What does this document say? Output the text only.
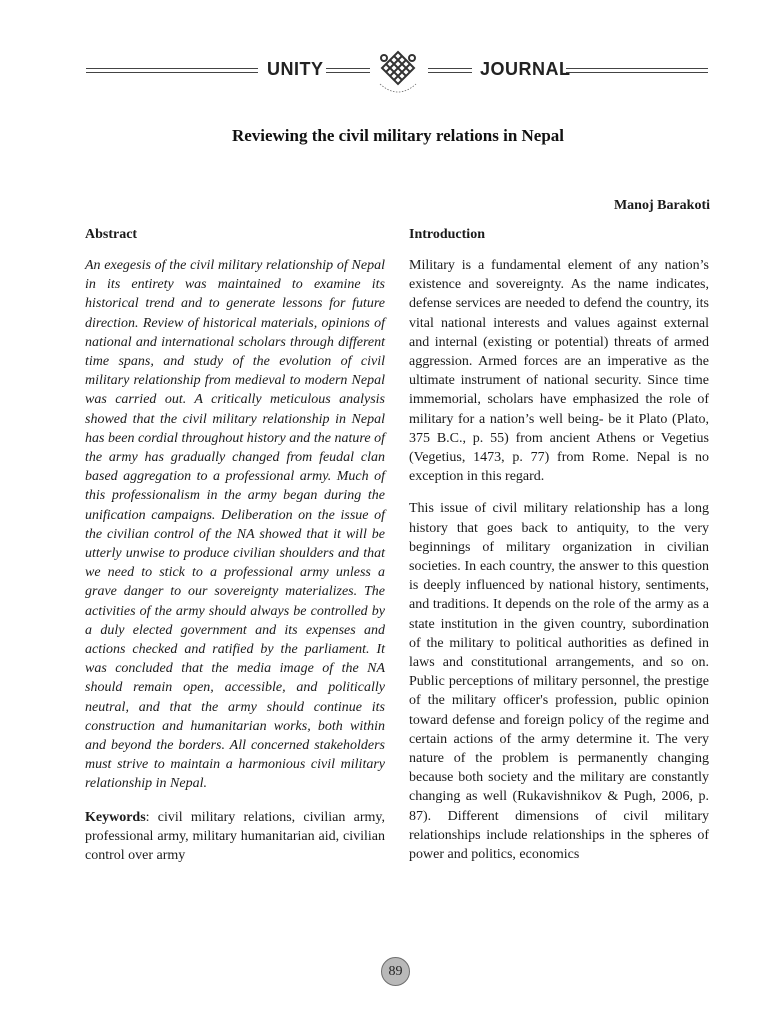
UNITY	JOURNAL
Reviewing the civil military relations in Nepal
Manoj Barakoti
Abstract

An exegesis of the civil military relationship of Nepal in its entirety was maintained to examine its historical trend and to generate lessons for future direction. Review of historical materials, opinions of national and international scholars through different time spans, and study of the evolution of civil military relationship from medieval to modern Nepal was carried out. A critically meticulous analysis showed that the civil military relationship in Nepal has been cordial throughout history and the nature of the army has gradually changed from feudal clan based aggregation to a professional army. Much of this professionalism in the army began during the unification campaigns. Deliberation on the issue of the civilian control of the NA showed that it will be utterly unwise to produce civilian shoulders and that we need to stick to a professional army unless a grave danger to our sovereignty materializes. The activities of the army should always be controlled by a duly elected government and its expenses and actions checked and ratified by the parliament. It was concluded that the media image of the NA should remain open, accessible, and politically neutral, and that the army should continue its construction and humanitarian works, both within and beyond the borders. All concerned stakeholders must strive to maintain a harmonious civil military relationship in Nepal.

Keywords: civil military relations, civilian army, professional army, military humanitarian aid, civilian control over army

Introduction

Military is a fundamental element of any nation’s existence and sovereignty. As the name indicates, defense services are needed to defend the country, its vital national interests and values against external and internal (existing or potential) threats of armed aggression. Armed forces are an imperative as the ultimate instrument of national security. Since time immemorial, scholars have emphasized the role of military for a nation’s well being- be it Plato (Plato, 375 B.C., p. 55) from ancient Athens or Vegetius (Vegetius, 1473, p. 77) from Rome. Nepal is no exception in this regard.

This issue of civil military relationship has a long history that goes back to antiquity, to the very beginnings of military organization in civilian societies. In each country, the answer to this question is deeply influenced by national history, sentiments, and traditions. It depends on the role of the army as a state institution in the given country, subordination of the military to political authorities as defined in laws and constitutional arrangements, and so on. Public perceptions of military personnel, the prestige of the military officer's profession, public opinion toward defense and foreign policy of the regime and certain actions of the army determine it. The very nature of the problem is permanently changing because both society and the military are constantly changing as well (Rukavishnikov & Pugh, 2006, p. 87). Different dimensions of civil military relationships include relationships in the spheres of power and politics, economics

89
